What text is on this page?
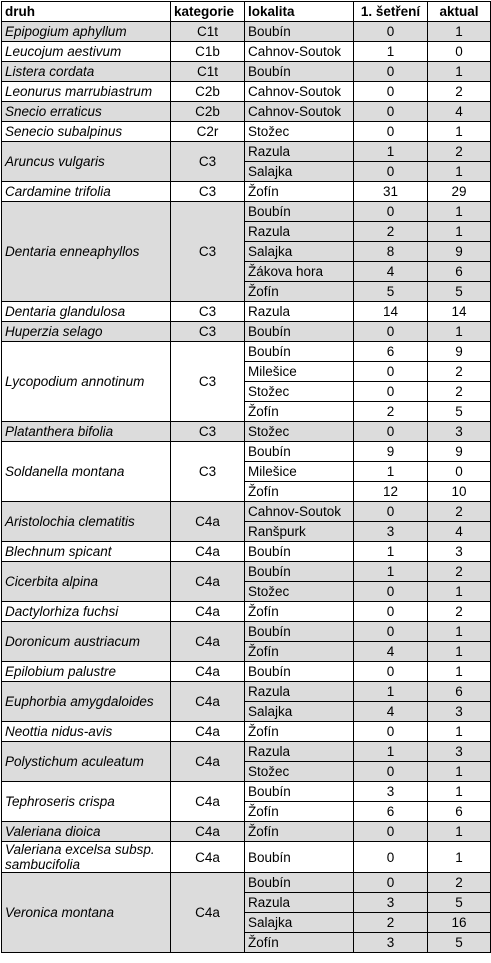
druh	kategorie	lokalita	1. šetření	aktual
Epipogium aphyllum	C1t	Boubín	0	1
Leucojum aestivum	C1b	Cahnov-Soutok	1	0
Listera cordata	C1t	Boubín	0	1
Leonurus marrubiastrum	C2b	Cahnov-Soutok	0	2
Snecio erraticus	C2b	Cahnov-Soutok	0	4
Senecio subalpinus	C2r	Stožec	0	1
Aruncus vulgaris	C3	Razula	1	2
		Salajka	0	1
Cardamine trifolia	C3	Žofín	31	29
Dentaria enneaphyllos	C3	Boubín	0	1
		Razula	2	1
		Salajka	8	9
		Žákova hora	4	6
		Žofín	5	5
Dentaria glandulosa	C3	Razula	14	14
Huperzia selago	C3	Boubín	0	1
Lycopodium annotinum	C3	Boubín	6	9
		Milešice	0	2
		Stožec	0	2
		Žofín	2	5
Platanthera bifolia	C3	Stožec	0	3
Soldanella montana	C3	Boubín	9	9
		Milešice	1	0
		Žofín	12	10
Aristolochia clematitis	C4a	Cahnov-Soutok	0	2
		Ranšpurk	3	4
Blechnum spicant	C4a	Boubín	1	3
Cicerbita alpina	C4a	Boubín	1	2
		Stožec	0	1
Dactylorhiza fuchsi	C4a	Žofín	0	2
Doronicum austriacum	C4a	Boubín	0	1
		Žofín	4	1
Epilobium palustre	C4a	Boubín	0	1
Euphorbia amygdaloides	C4a	Razula	1	6
		Salajka	4	3
Neottia nidus-avis	C4a	Žofín	0	1
Polystichum aculeatum	C4a	Razula	1	3
		Stožec	0	1
Tephroseris crispa	C4a	Boubín	3	1
		Žofín	6	6
Valeriana dioica	C4a	Žofín	0	1
Valeriana excelsa subsp. sambucifolia	C4a	Boubín	0	1
Veronica montana	C4a	Boubín	0	2
		Razula	3	5
		Salajka	2	16
		Žofín	3	5
